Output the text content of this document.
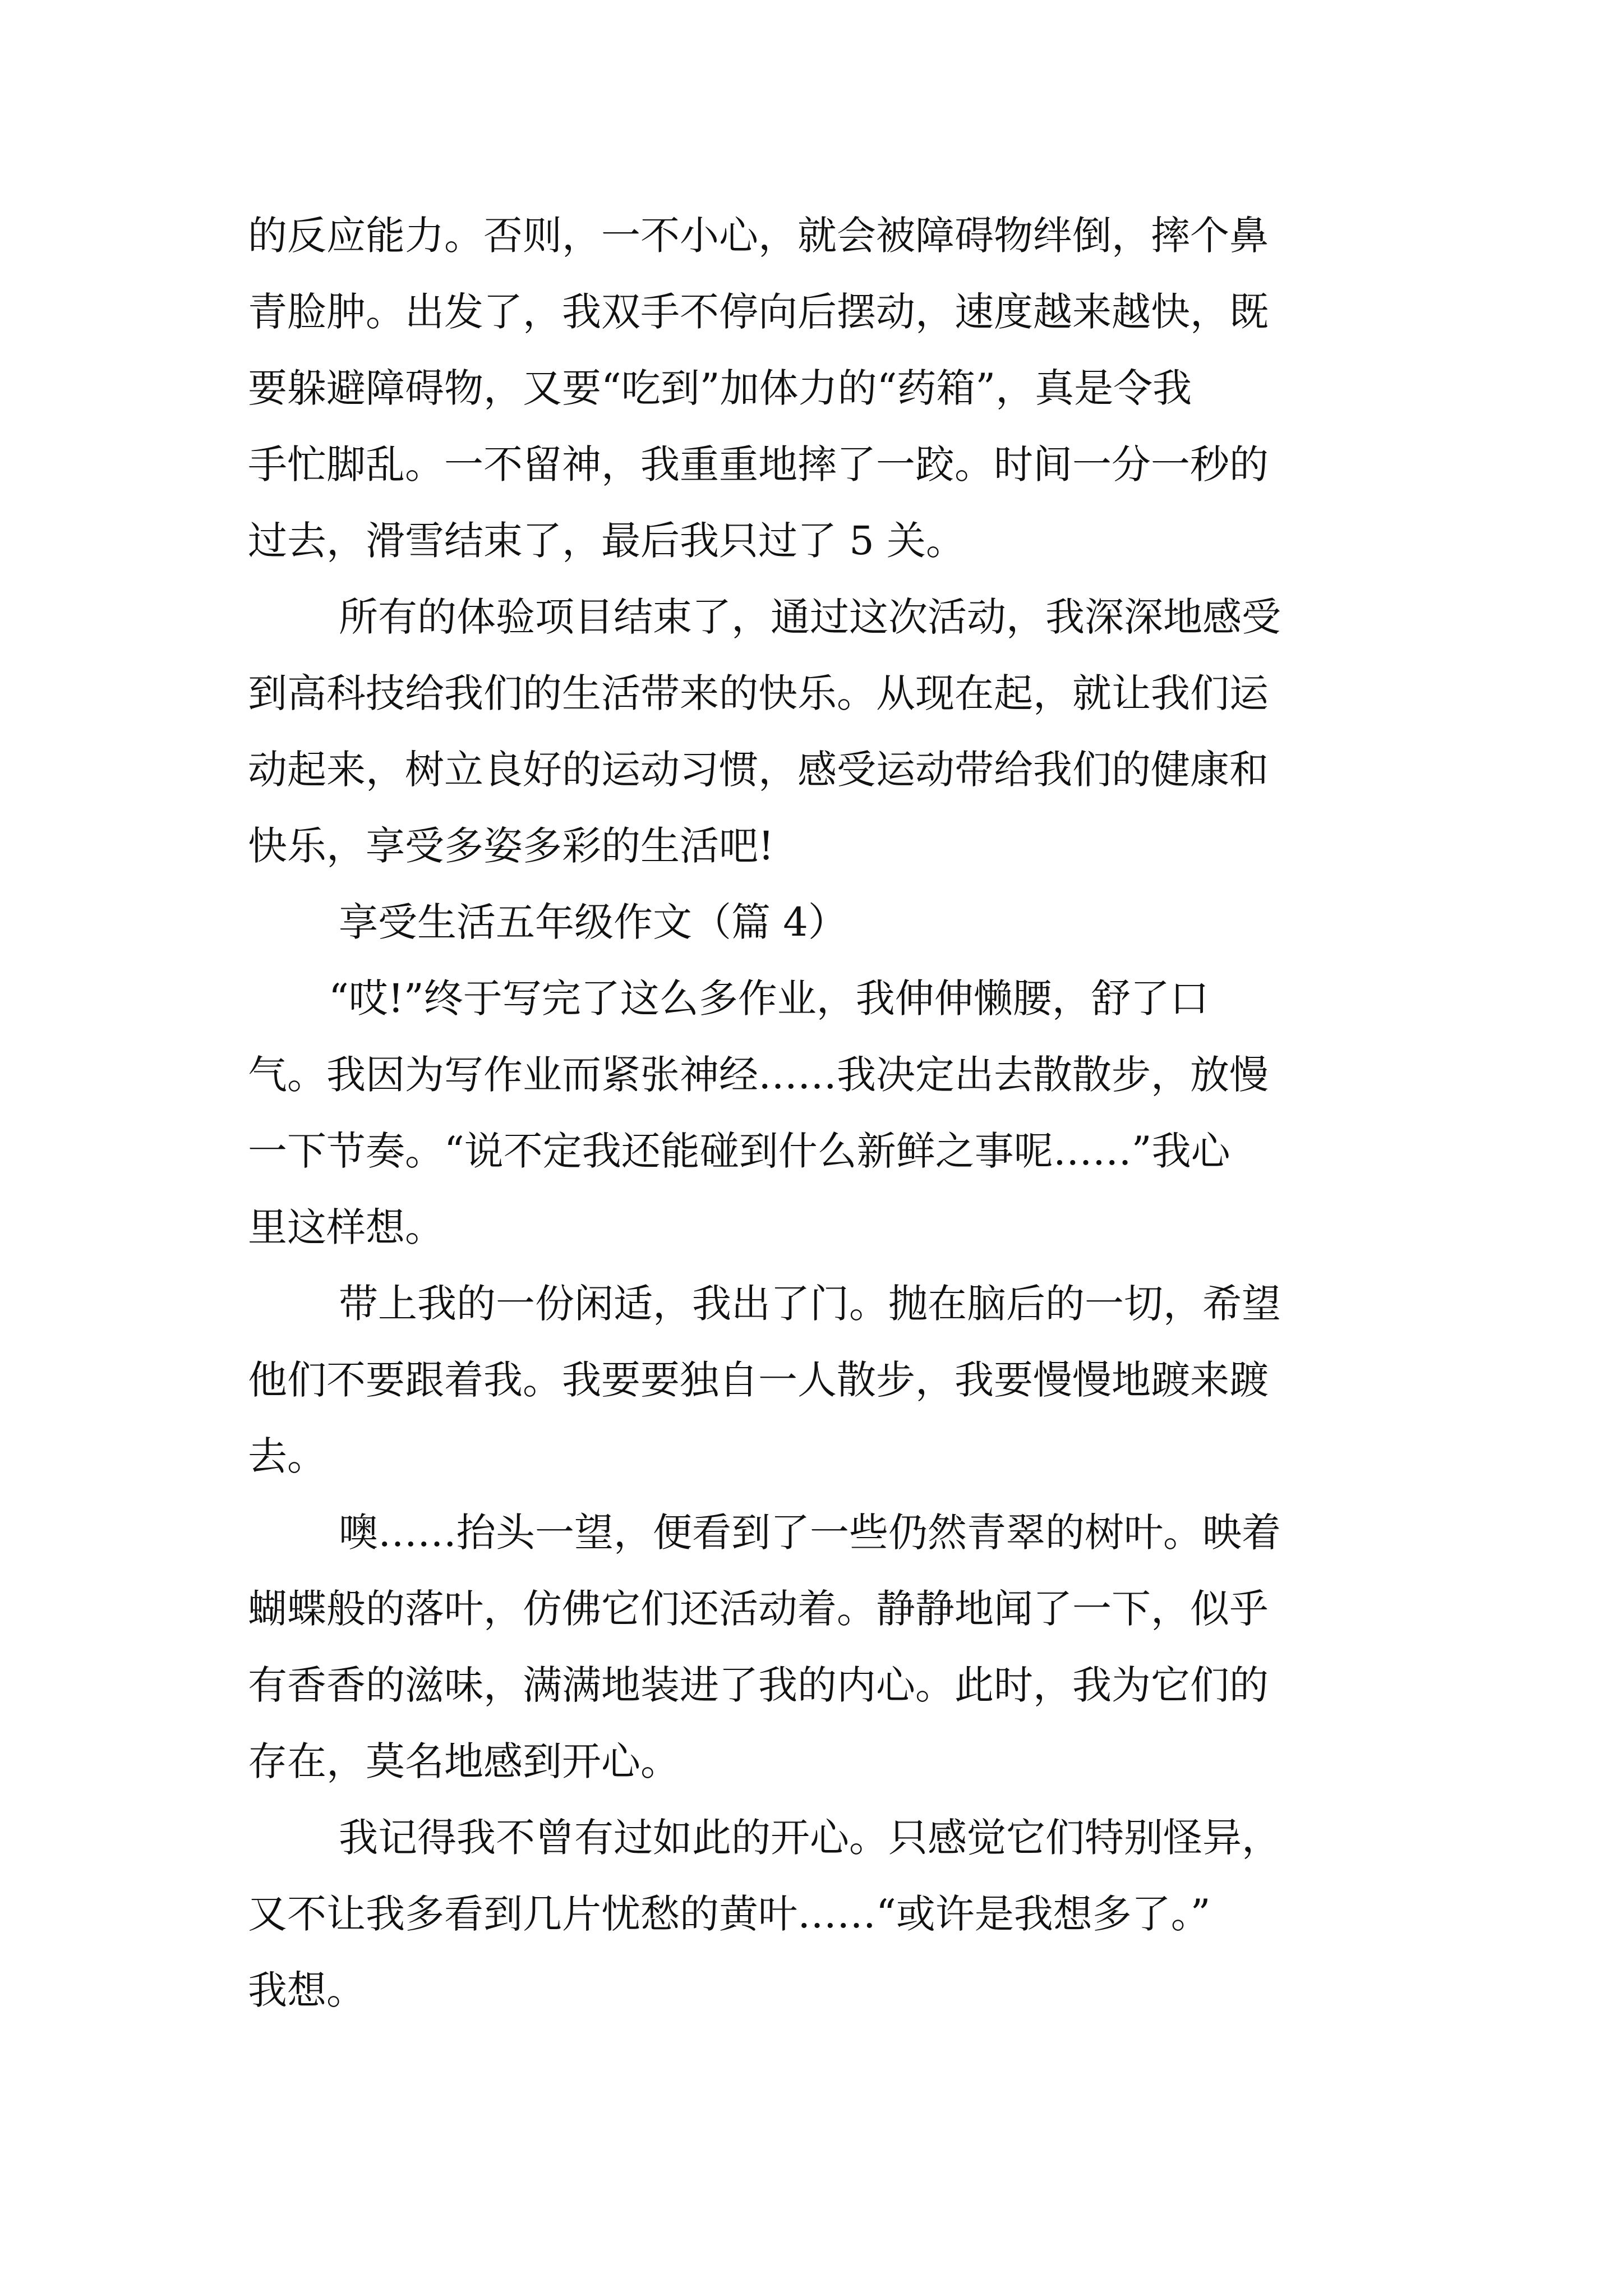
的反应能力。否则，一不小心，就会被障碍物绊倒，摔个鼻
青脸肿。出发了，我双手不停向后摆动，速度越来越快，既
要躲避障碍物，又要“吃到”加体力的“药箱”，真是令我
手忙脚乱。一不留神，我重重地摔了一跤。时间一分一秒的
过去，滑雪结束了，最后我只过了 5 关。
所有的体验项目结束了，通过这次活动，我深深地感受
到高科技给我们的生活带来的快乐。从现在起，就让我们运
动起来，树立良好的运动习惯，感受运动带给我们的健康和
快乐，享受多姿多彩的生活吧!
享受生活五年级作文（篇 4）
“哎!”终于写完了这么多作业，我伸伸懒腰，舒了口
气。我因为写作业而紧张神经……我决定出去散散步，放慢
一下节奏。“说不定我还能碰到什么新鲜之事呢……”我心
里这样想。
带上我的一份闲适，我出了门。抛在脑后的一切，希望
他们不要跟着我。我要要独自一人散步，我要慢慢地踱来踱
去。
噢……抬头一望，便看到了一些仍然青翠的树叶。映着
蝴蝶般的落叶，仿佛它们还活动着。静静地闻了一下，似乎
有香香的滋味，满满地装进了我的内心。此时，我为它们的
存在，莫名地感到开心。
我记得我不曾有过如此的开心。只感觉它们特别怪异，
又不让我多看到几片忧愁的黄叶……“或许是我想多了。”
我想。
